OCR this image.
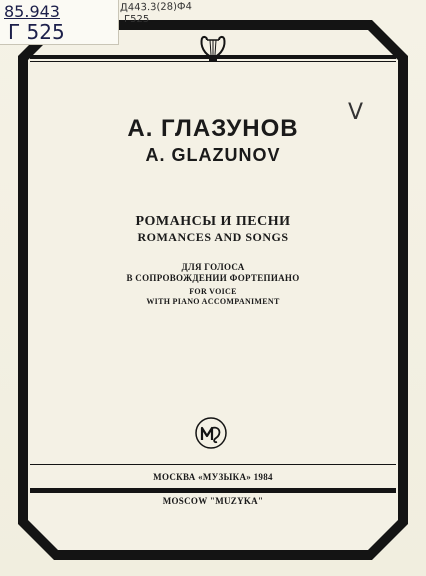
А. ГЛАЗУНОВ
A. GLAZUNOV
РОМАНСЫ И ПЕСНИ
ROMANCES AND SONGS
ДЛЯ ГОЛОСА
В СОПРОВОЖДЕНИИ ФОРТЕПИАНО
FOR VOICE
WITH PIANO ACCOMPANIMENT
МОСКВА «МУЗЫКА» 1984
MOSCOW "MUZYKA"
85.943
Г 525
Д443.3(28)Ф4
Г525
V
